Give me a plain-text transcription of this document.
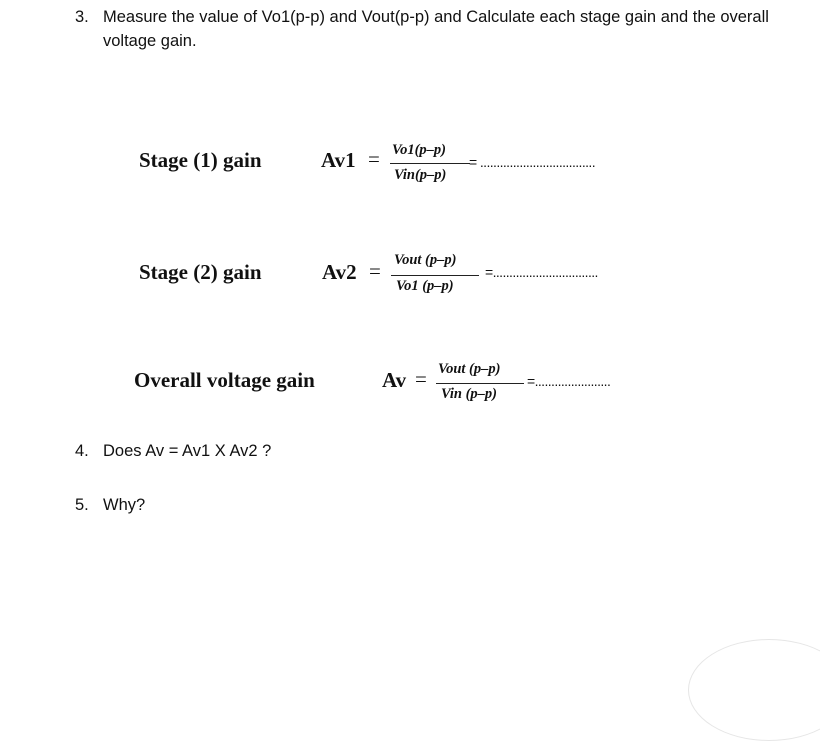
3. Measure the value of Vo1(p-p) and Vout(p-p) and Calculate each stage gain and the overall voltage gain.
Stage (1) gain	Av1 = Vo1(p–p)
Vin(p–p)
= ...................................
Stage (2) gain	Av2 = Vout (p–p)
Vo1 (p–p)
=................................
Overall voltage gain	Av = Vout (p–p)
Vin (p–p)
=.......................
4. Does Av = Av1 X Av2 ?
5. Why?
